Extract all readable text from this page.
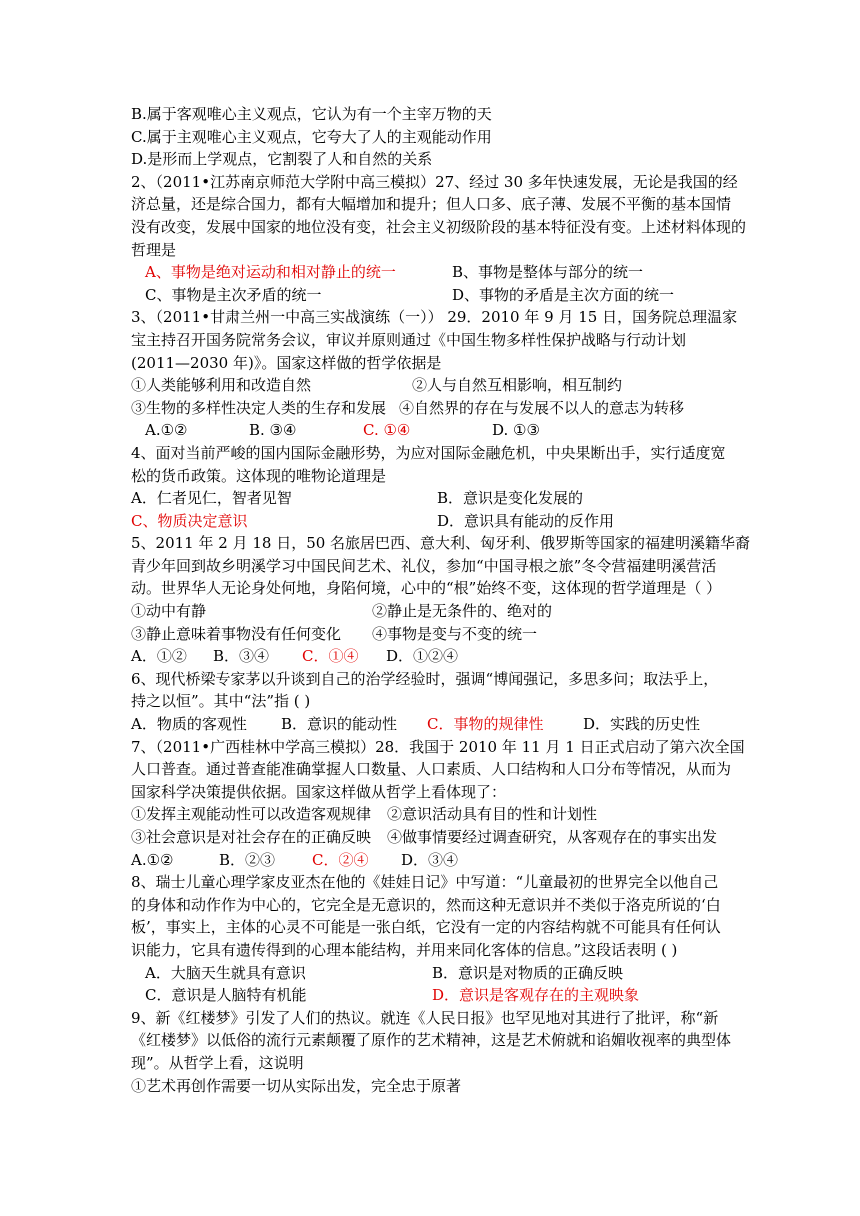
B.属于客观唯心主义观点，它认为有一个主宰万物的天
C.属于主观唯心主义观点，它夸大了人的主观能动作用
D.是形而上学观点，它割裂了人和自然的关系
2、（2011•江苏南京师范大学附中高三模拟）27、经过 30 多年快速发展，无论是我国的经
济总量，还是综合国力，都有大幅增加和提升；但人口多、底子薄、发展不平衡的基本国情
没有改变，发展中国家的地位没有变，社会主义初级阶段的基本特征没有变。上述材料体现的
哲理是
A、事物是绝对运动和相对静止的统一	B、事物是整体与部分的统一
C、事物是主次矛盾的统一	D、事物的矛盾是主次方面的统一
3、（2011•甘肃兰州一中高三实战演练（一）） 29．2010 年 9 月 15 日，国务院总理温家
宝主持召开国务院常务会议，审议并原则通过《中国生物多样性保护战略与行动计划
(2011—2030 年)》。国家这样做的哲学依据是
①人类能够利用和改造自然	②人与自然互相影响，相互制约
③生物的多样性决定人类的生存和发展 ④自然界的存在与发展不以人的意志为转移
A.①②	B. ③④	C. ①④	D. ①③
4、面对当前严峻的国内国际金融形势，为应对国际金融危机，中央果断出手，实行适度宽
松的货币政策。这体现的唯物论道理是
A．仁者见仁，智者见智	B．意识是变化发展的
C、物质决定意识	D．意识具有能动的反作用
5、2011 年 2 月 18 日，50 名旅居巴西、意大利、匈牙利、俄罗斯等国家的福建明溪籍华裔
青少年回到故乡明溪学习中国民间艺术、礼仪，参加“中国寻根之旅”冬令营福建明溪营活
动。世界华人无论身处何地，身陷何境，心中的“根”始终不变，这体现的哲学道理是（ ）
①动中有静	②静止是无条件的、绝对的
③静止意味着事物没有任何变化 ④事物是变与不变的统一
A．①② B．③④ C．①④ D．①②④
6、现代桥梁专家茅以升谈到自己的治学经验时，强调“博闻强记，多思多问；取法乎上，
持之以恒”。其中“法”指 ( )
A．物质的客观性 B．意识的能动性 C．事物的规律性	D．实践的历史性
7、（2011•广西桂林中学高三模拟）28．我国于 2010 年 11 月 1 日正式启动了第六次全国
人口普查。通过普查能准确掌握人口数量、人口素质、人口结构和人口分布等情况，从而为
国家科学决策提供依据。国家这样做从哲学上看体现了：
①发挥主观能动性可以改造客观规律 ②意识活动具有目的性和计划性
③社会意识是对社会存在的正确反映 ④做事情要经过调查研究，从客观存在的事实出发
A.①②	B．②③ C．②④ D．③④
8、瑞士儿童心理学家皮亚杰在他的《娃娃日记》中写道：“儿童最初的世界完全以他自己
的身体和动作作为中心的，它完全是无意识的，然而这种无意识并不类似于洛克所说的‘白
板’，事实上，主体的心灵不可能是一张白纸，它没有一定的内容结构就不可能具有任何认
识能力，它具有遗传得到的心理本能结构，并用来同化客体的信息。”这段话表明 ( )
A．大脑天生就具有意识	B．意识是对物质的正确反映
C．意识是人脑特有机能	D．意识是客观存在的主观映象
9、新《红楼梦》引发了人们的热议。就连《人民日报》也罕见地对其进行了批评，称“新
《红楼梦》以低俗的流行元素颠覆了原作的艺术精神，这是艺术俯就和谄媚收视率的典型体
现”。从哲学上看，这说明
①艺术再创作需要一切从实际出发，完全忠于原著
